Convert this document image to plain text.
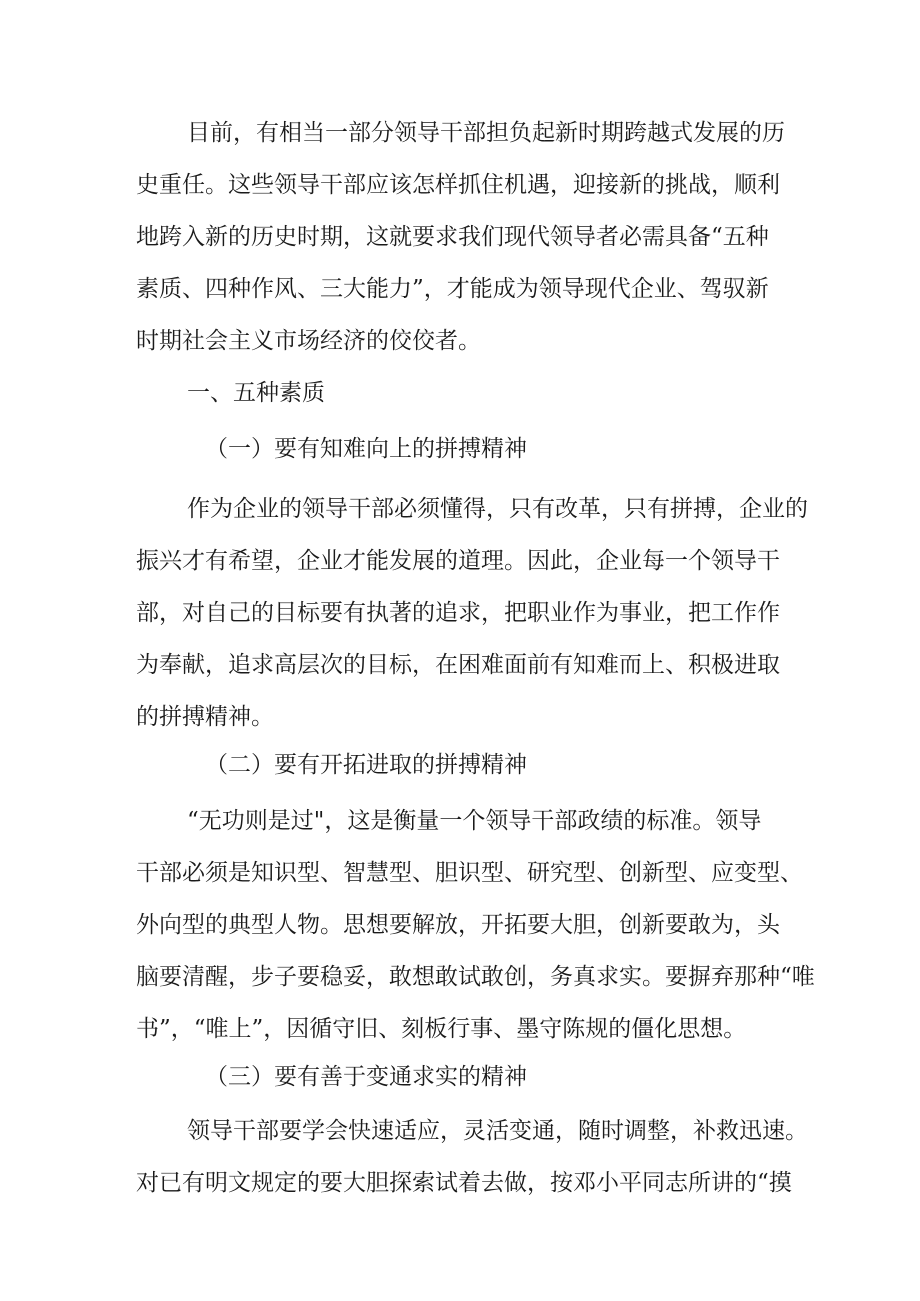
目前，有相当一部分领导干部担负起新时期跨越式发展的历
史重任。这些领导干部应该怎样抓住机遇，迎接新的挑战，顺利
地跨入新的历史时期，这就要求我们现代领导者必需具备“五种
素质、四种作风、三大能力”，才能成为领导现代企业、驾驭新
时期社会主义市场经济的佼佼者。
一、五种素质
（一）要有知难向上的拼搏精神
作为企业的领导干部必须懂得，只有改革，只有拼搏，企业的
振兴才有希望，企业才能发展的道理。因此，企业每一个领导干
部，对自己的目标要有执著的追求，把职业作为事业，把工作作
为奉献，追求高层次的目标，在困难面前有知难而上、积极进取
的拼搏精神。
（二）要有开拓进取的拼搏精神
“无功则是过"，这是衡量一个领导干部政绩的标准。领导
干部必须是知识型、智慧型、胆识型、研究型、创新型、应变型、
外向型的典型人物。思想要解放，开拓要大胆，创新要敢为，头
脑要清醒，步子要稳妥，敢想敢试敢创，务真求实。要摒弃那种“唯
书”，“唯上”，因循守旧、刻板行事、墨守陈规的僵化思想。
（三）要有善于变通求实的精神
领导干部要学会快速适应，灵活变通，随时调整，补救迅速。
对已有明文规定的要大胆探索试着去做，按邓小平同志所讲的“摸
